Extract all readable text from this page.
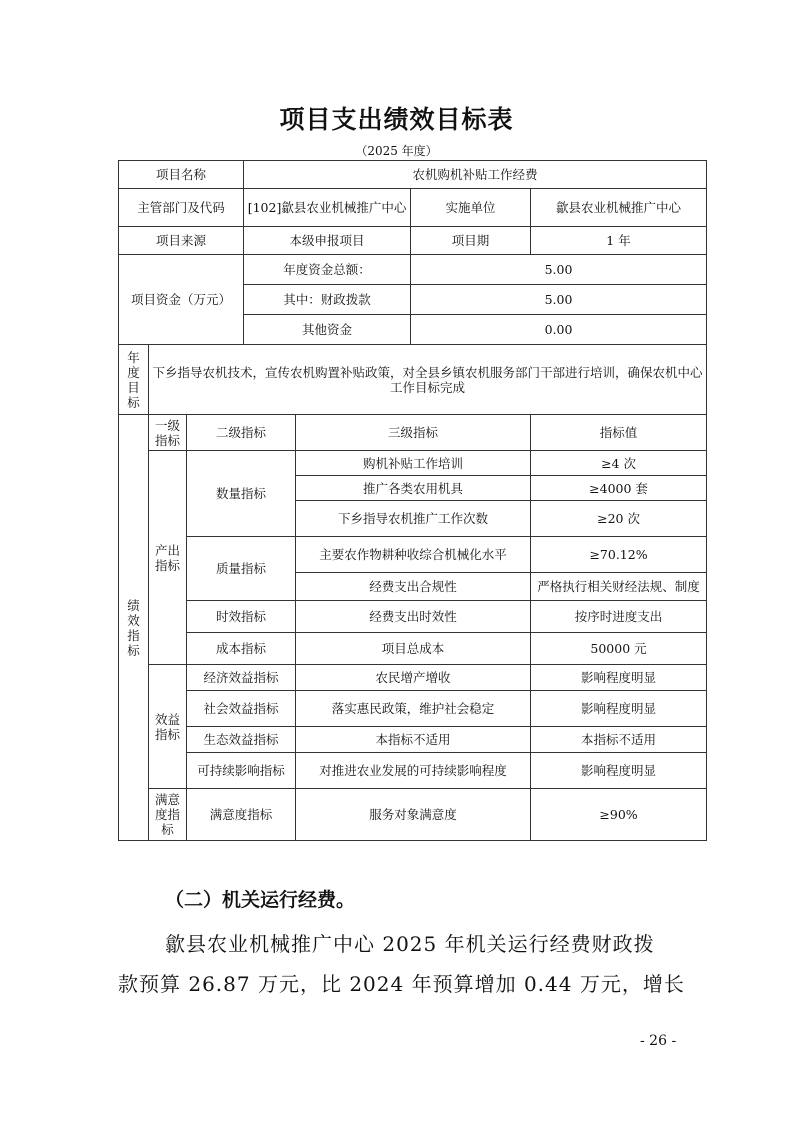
项目支出绩效目标表
（2025 年度）
项目名称			农机购机补贴工作经费			
主管部门及代码			[102]歙县农业机械推广中心		实施单位	歙县农业机械推广中心
项目来源			本级申报项目		项目期	1 年
项目资金（万元）			年度资金总额：		5.00	
			其中：财政拨款		5.00	
			其他资金		0.00	
年度目标	下乡指导农机技术，宣传农机购置补贴政策，对全县乡镇农机服务部门干部进行培训，确保农机中心工作目标完成					
绩效指标	一级指标	二级指标		三级指标		指标值
	产出指标	数量指标		购机补贴工作培训		≥4 次
				推广各类农用机具		≥4000 套
				下乡指导农机推广工作次数		≥20 次
		质量指标		主要农作物耕种收综合机械化水平		≥70.12%
				经费支出合规性		严格执行相关财经法规、制度
		时效指标		经费支出时效性		按序时进度支出
		成本指标		项目总成本		50000 元
	效益指标	经济效益指标		农民增产增收		影响程度明显
		社会效益指标		落实惠民政策，维护社会稳定		影响程度明显
		生态效益指标		本指标不适用		本指标不适用
		可持续影响指标		对推进农业发展的可持续影响程度		影响程度明显
	满意度指标	满意度指标		服务对象满意度		≥90%
（二）机关运行经费。
歙县农业机械推广中心 2025 年机关运行经费财政拨
款预算 26.87 万元，比 2024 年预算增加 0.44 万元，增长
- 26 -
